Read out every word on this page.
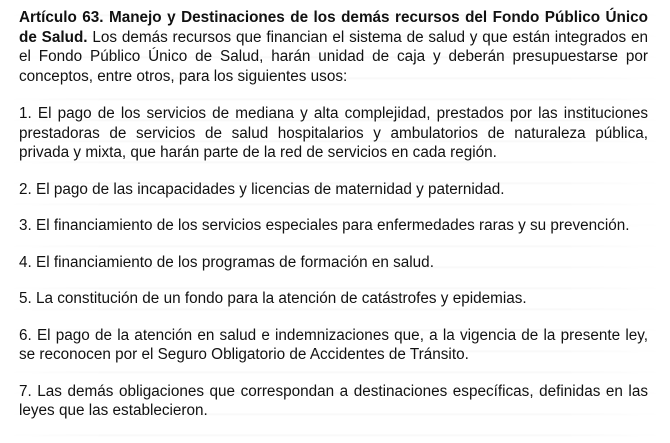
Artículo 63. Manejo y Destinaciones de los demás recursos del Fondo Público Único de Salud. Los demás recursos que financian el sistema de salud y que están integrados en el Fondo Público Único de Salud, harán unidad de caja y deberán presupuestarse por conceptos, entre otros, para los siguientes usos:

1. El pago de los servicios de mediana y alta complejidad, prestados por las instituciones prestadoras de servicios de salud hospitalarios y ambulatorios de naturaleza pública, privada y mixta, que harán parte de la red de servicios en cada región.

2. El pago de las incapacidades y licencias de maternidad y paternidad.

3. El financiamiento de los servicios especiales para enfermedades raras y su prevención.

4. El financiamiento de los programas de formación en salud.

5. La constitución de un fondo para la atención de catástrofes y epidemias.

6. El pago de la atención en salud e indemnizaciones que, a la vigencia de la presente ley, se reconocen por el Seguro Obligatorio de Accidentes de Tránsito.

7. Las demás obligaciones que correspondan a destinaciones específicas, definidas en las leyes que las establecieron.
